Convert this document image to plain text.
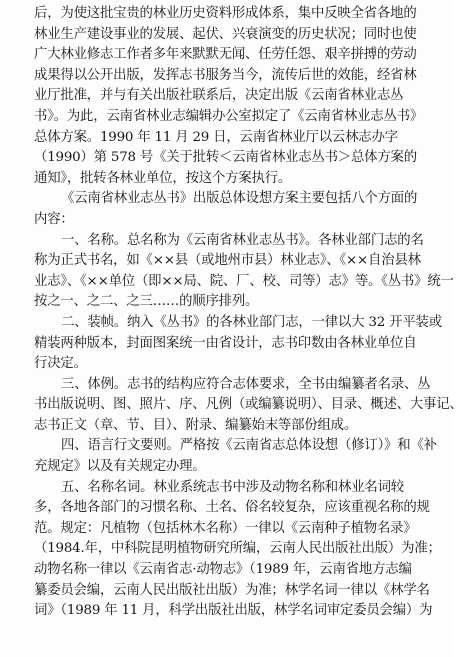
后，为使这批宝贵的林业历史资料形成体系，集中反映全省各地的
林业生产建设事业的发展、起伏、兴衰演变的历史状况；同时也使
广大林业修志工作者多年来默默无闻、任劳任怨、艰辛拼搏的劳动
成果得以公开出版，发挥志书服务当今，流传后世的效能，经省林
业厅批准，并与有关出版社联系后，决定出版《云南省林业志丛
书》。为此，云南省林业志编辑办公室拟定了《云南省林业志丛书》
总体方案。1990 年 11 月 29 日，云南省林业厅以云林志办字
（1990）第 578 号《关于批转＜云南省林业志丛书＞总体方案的
通知》，批转各林业单位，按这个方案执行。
《云南省林业志丛书》出版总体设想方案主要包括八个方面的
内容：
一、名称。总名称为《云南省林业志丛书》。各林业部门志的名
称为正式书名，如《××县（或地州市县）林业志》、《××自治县林
业志》、《××单位（即××局、院、厂、校、司等）志》等。《丛书》统一
按之一、之二、之三……的顺序排列。
二、装帧。纳入《丛书》的各林业部门志，一律以大 32 开平装或
精装两种版本，封面图案统一由省设计，志书印数由各林业单位自
行决定。
三、体例。志书的结构应符合志体要求，全书由编纂者名录、丛
书出版说明、图、照片、序、凡例（或编纂说明）、目录、概述、大事记、
志书正文（章、节、目）、附录、编纂始末等部份组成。
四、语言行文要则。严格按《云南省志总体设想（修订）》和《补
充规定》以及有关规定办理。
五、名称名词。林业系统志书中涉及动物名称和林业名词较
多，各地各部门的习惯名称、土名、俗名较复杂，应该重视名称的规
范。规定：凡植物（包括林木名称）一律以《云南种子植物名录》
（1984.年，中科院昆明植物研究所编，云南人民出版社出版）为准；
动物名称一律以《云南省志·动物志》（1989 年，云南省地方志编
纂委员会编，云南人民出版社出版）为准；林学名词一律以《林学名
词》（1989 年 11 月，科学出版社出版，林学名词审定委员会编）为
